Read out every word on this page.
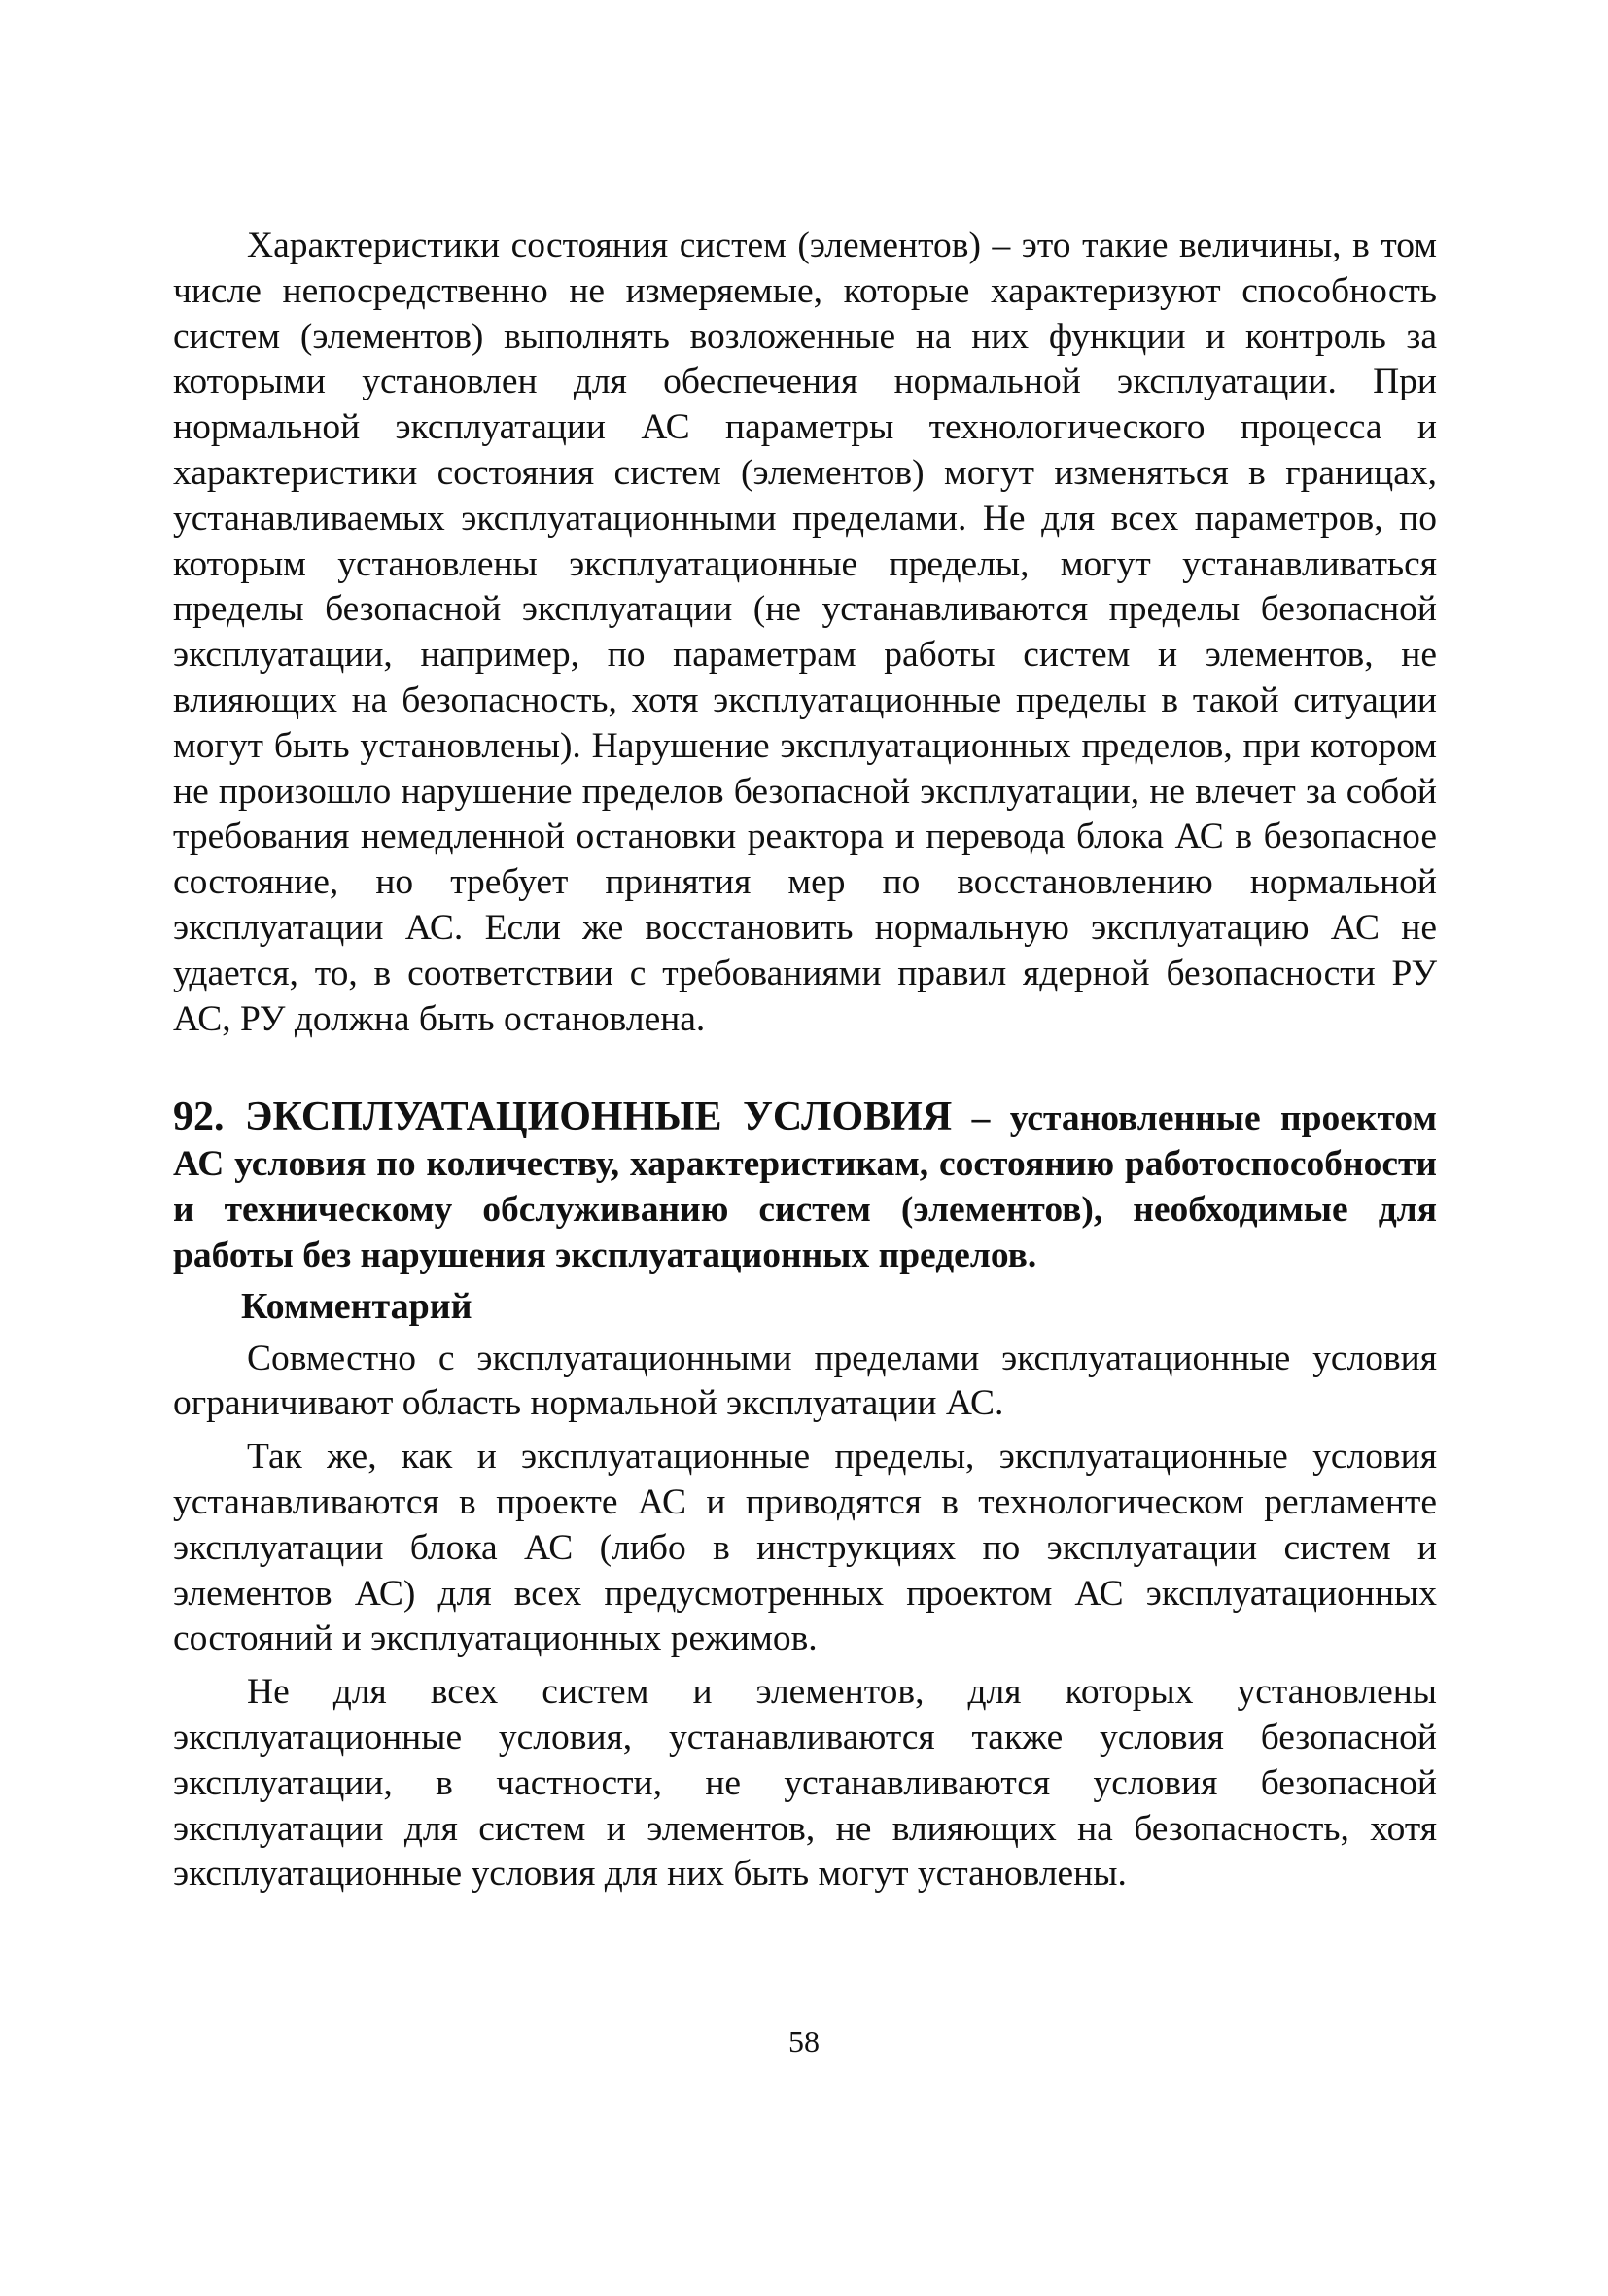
Характеристики состояния систем (элементов) – это такие величины, в том числе непосредственно не измеряемые, которые характеризуют способность систем (элементов) выполнять возложенные на них функции и контроль за которыми установлен для обеспечения нормальной эксплуатации. При нормальной эксплуатации АС параметры технологического процесса и характеристики состояния систем (элементов) могут изменяться в границах, устанавливаемых эксплуатационными пределами. Не для всех параметров, по которым установлены эксплуатационные пределы, могут устанавливаться пределы безопасной эксплуатации (не устанавливаются пределы безопасной эксплуатации, например, по параметрам работы систем и элементов, не влияющих на безопасность, хотя эксплуатационные пределы в такой ситуации могут быть установлены). Нарушение эксплуатационных пределов, при котором не произошло нарушение пределов безопасной эксплуатации, не влечет за собой требования немедленной остановки реактора и перевода блока АС в безопасное состояние, но требует принятия мер по восстановлению нормальной эксплуатации АС. Если же восстановить нормальную эксплуатацию АС не удается, то, в соответствии с требованиями правил ядерной безопасности РУ АС, РУ должна быть остановлена.

92. ЭКСПЛУАТАЦИОННЫЕ УСЛОВИЯ – установленные проектом АС условия по количеству, характеристикам, состоянию работоспособности и техническому обслуживанию систем (элементов), необходимые для работы без нарушения эксплуатационных пределов.
Комментарий

Совместно с эксплуатационными пределами эксплуатационные условия ограничивают область нормальной эксплуатации АС.

Так же, как и эксплуатационные пределы, эксплуатационные условия устанавливаются в проекте АС и приводятся в технологическом регламенте эксплуатации блока АС (либо в инструкциях по эксплуатации систем и элементов АС) для всех предусмотренных проектом АС эксплуатационных состояний и эксплуатационных режимов.

Не для всех систем и элементов, для которых установлены эксплуатационные условия, устанавливаются также условия безопасной эксплуатации, в частности, не устанавливаются условия безопасной эксплуатации для систем и элементов, не влияющих на безопасность, хотя эксплуатационные условия для них быть могут установлены.

58
